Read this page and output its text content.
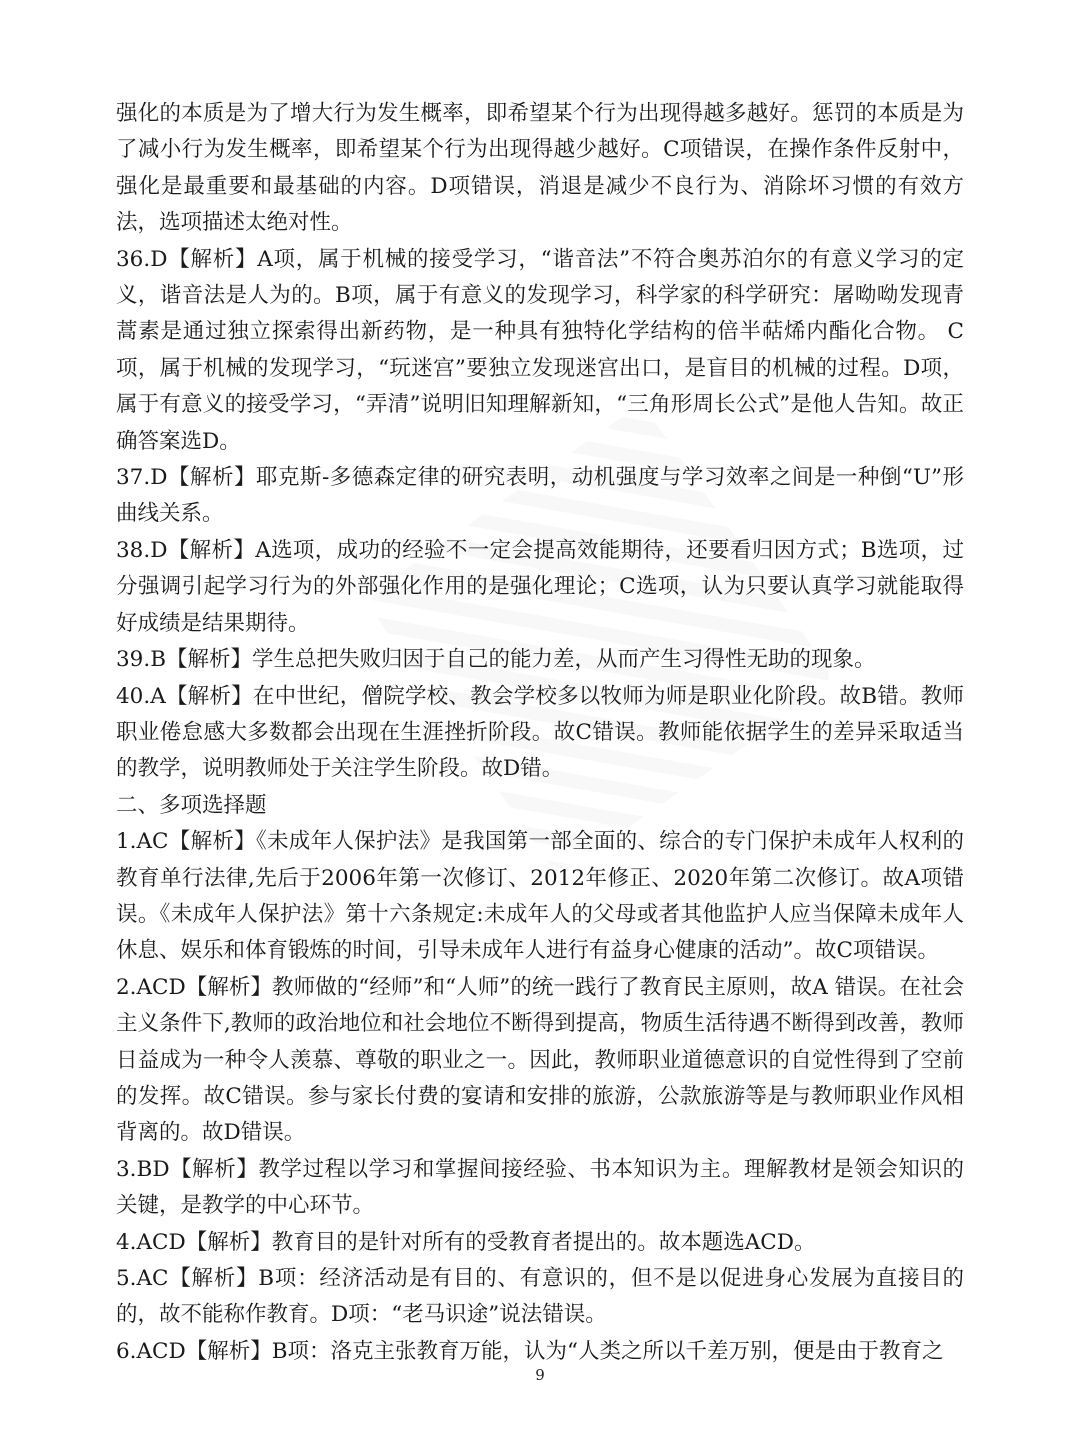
强化的本质是为了增大行为发生概率，即希望某个行为出现得越多越好。惩罚的本质是为了减小行为发生概率，即希望某个行为出现得越少越好。C项错误，在操作条件反射中，强化是最重要和最基础的内容。D项错误，消退是减少不良行为、消除坏习惯的有效方法，选项描述太绝对性。

36.D【解析】A项，属于机械的接受学习，“谐音法”不符合奥苏泊尔的有意义学习的定义，谐音法是人为的。B项，属于有意义的发现学习，科学家的科学研究：屠呦呦发现青蒿素是通过独立探索得出新药物，是一种具有独特化学结构的倍半萜烯内酯化合物。 C项，属于机械的发现学习，“玩迷宫”要独立发现迷宫出口，是盲目的机械的过程。D项，属于有意义的接受学习，“弄清”说明旧知理解新知，“三角形周长公式”是他人告知。故正确答案选D。

37.D【解析】耶克斯-多德森定律的研究表明，动机强度与学习效率之间是一种倒“U”形曲线关系。

38.D【解析】A选项，成功的经验不一定会提高效能期待，还要看归因方式；B选项，过分强调引起学习行为的外部强化作用的是强化理论；C选项，认为只要认真学习就能取得好成绩是结果期待。

39.B【解析】学生总把失败归因于自己的能力差，从而产生习得性无助的现象。

40.A【解析】在中世纪，僧院学校、教会学校多以牧师为师是职业化阶段。故B错。教师职业倦怠感大多数都会出现在生涯挫折阶段。故C错误。教师能依据学生的差异采取适当的教学，说明教师处于关注学生阶段。故D错。

二、多项选择题

1.AC【解析】《未成年人保护法》是我国第一部全面的、综合的专门保护未成年人权利的教育单行法律,先后于2006年第一次修订、2012年修正、2020年第二次修订。故A项错误。《未成年人保护法》第十六条规定:未成年人的父母或者其他监护人应当保障未成年人休息、娱乐和体育锻炼的时间，引导未成年人进行有益身心健康的活动”。故C项错误。

2.ACD【解析】教师做的“经师”和“人师”的统一践行了教育民主原则，故A 错误。在社会主义条件下,教师的政治地位和社会地位不断得到提高，物质生活待遇不断得到改善，教师日益成为一种令人羡慕、尊敬的职业之一。因此，教师职业道德意识的自觉性得到了空前的发挥。故C错误。参与家长付费的宴请和安排的旅游，公款旅游等是与教师职业作风相背离的。故D错误。

3.BD【解析】教学过程以学习和掌握间接经验、书本知识为主。理解教材是领会知识的关键，是教学的中心环节。

4.ACD【解析】教育目的是针对所有的受教育者提出的。故本题选ACD。

5.AC【解析】B项：经济活动是有目的、有意识的，但不是以促进身心发展为直接目的的，故不能称作教育。D项：“老马识途”说法错误。

6.ACD【解析】B项：洛克主张教育万能，认为“人类之所以千差万别，便是由于教育之

9
